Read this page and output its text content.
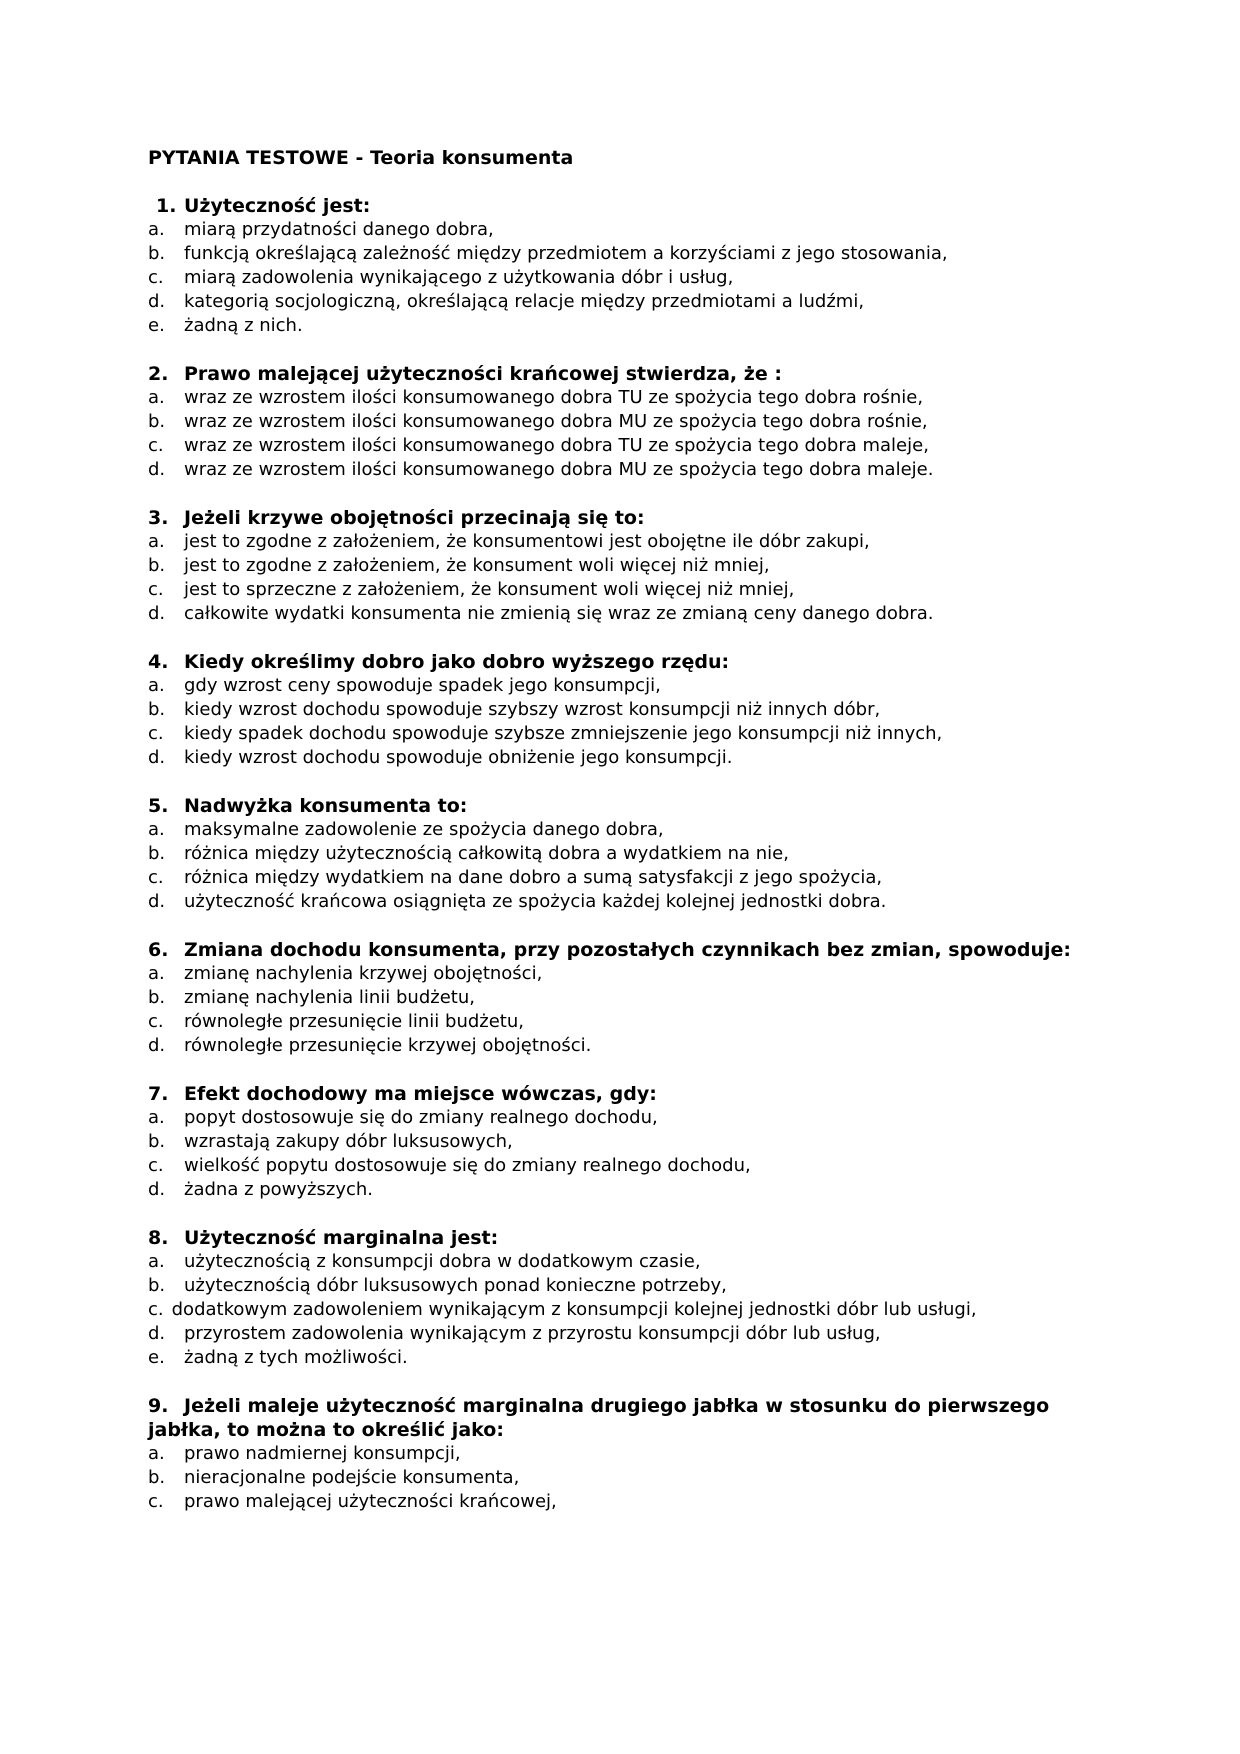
PYTANIA TESTOWE - Teoria konsumenta
1. Użyteczność jest:
a. miarą przydatności danego dobra,
b. funkcją określającą zależność między przedmiotem a korzyściami z jego stosowania,
c. miarą zadowolenia wynikającego z użytkowania dóbr i usług,
d. kategorią socjologiczną, określającą relacje między przedmiotami a ludźmi,
e. żadną z nich.
2. Prawo malejącej użyteczności krańcowej stwierdza, że :
a. wraz ze wzrostem ilości konsumowanego dobra TU ze spożycia tego dobra rośnie,
b. wraz ze wzrostem ilości konsumowanego dobra MU ze spożycia tego dobra rośnie,
c. wraz ze wzrostem ilości konsumowanego dobra TU ze spożycia tego dobra maleje,
d. wraz ze wzrostem ilości konsumowanego dobra MU ze spożycia tego dobra maleje.
3. Jeżeli krzywe obojętności przecinają się to:
a. jest to zgodne z założeniem, że konsumentowi jest obojętne ile dóbr zakupi,
b. jest to zgodne z założeniem, że konsument woli więcej niż mniej,
c. jest to sprzeczne z założeniem, że konsument woli więcej niż mniej,
d. całkowite wydatki konsumenta nie zmienią się wraz ze zmianą ceny danego dobra.
4. Kiedy określimy dobro jako dobro wyższego rzędu:
a. gdy wzrost ceny spowoduje spadek jego konsumpcji,
b. kiedy wzrost dochodu spowoduje szybszy wzrost konsumpcji niż innych dóbr,
c. kiedy spadek dochodu spowoduje szybsze zmniejszenie jego konsumpcji niż innych,
d. kiedy wzrost dochodu spowoduje obniżenie jego konsumpcji.
5. Nadwyżka konsumenta to:
a. maksymalne zadowolenie ze spożycia danego dobra,
b. różnica między użytecznością całkowitą dobra a wydatkiem na nie,
c. różnica między wydatkiem na dane dobro a sumą satysfakcji z jego spożycia,
d. użyteczność krańcowa osiągnięta ze spożycia każdej kolejnej jednostki dobra.
6. Zmiana dochodu konsumenta, przy pozostałych czynnikach bez zmian, spowoduje:
a. zmianę nachylenia krzywej obojętności,
b. zmianę nachylenia linii budżetu,
c. równoległe przesunięcie linii budżetu,
d. równoległe przesunięcie krzywej obojętności.
7. Efekt dochodowy ma miejsce wówczas, gdy:
a. popyt dostosowuje się do zmiany realnego dochodu,
b. wzrastają zakupy dóbr luksusowych,
c. wielkość popytu dostosowuje się do zmiany realnego dochodu,
d. żadna z powyższych.
8. Użyteczność marginalna jest:
a. użytecznością z konsumpcji dobra w dodatkowym czasie,
b. użytecznością dóbr luksusowych ponad konieczne potrzeby,
c. dodatkowym zadowoleniem wynikającym z konsumpcji kolejnej jednostki dóbr lub usługi,
d. przyrostem zadowolenia wynikającym z przyrostu konsumpcji dóbr lub usług,
e. żadną z tych możliwości.
9. Jeżeli maleje użyteczność marginalna drugiego jabłka w stosunku do pierwszego jabłka, to można to określić jako:
a. prawo nadmiernej konsumpcji,
b. nieracjonalne podejście konsumenta,
c. prawo malejącej użyteczności krańcowej,
